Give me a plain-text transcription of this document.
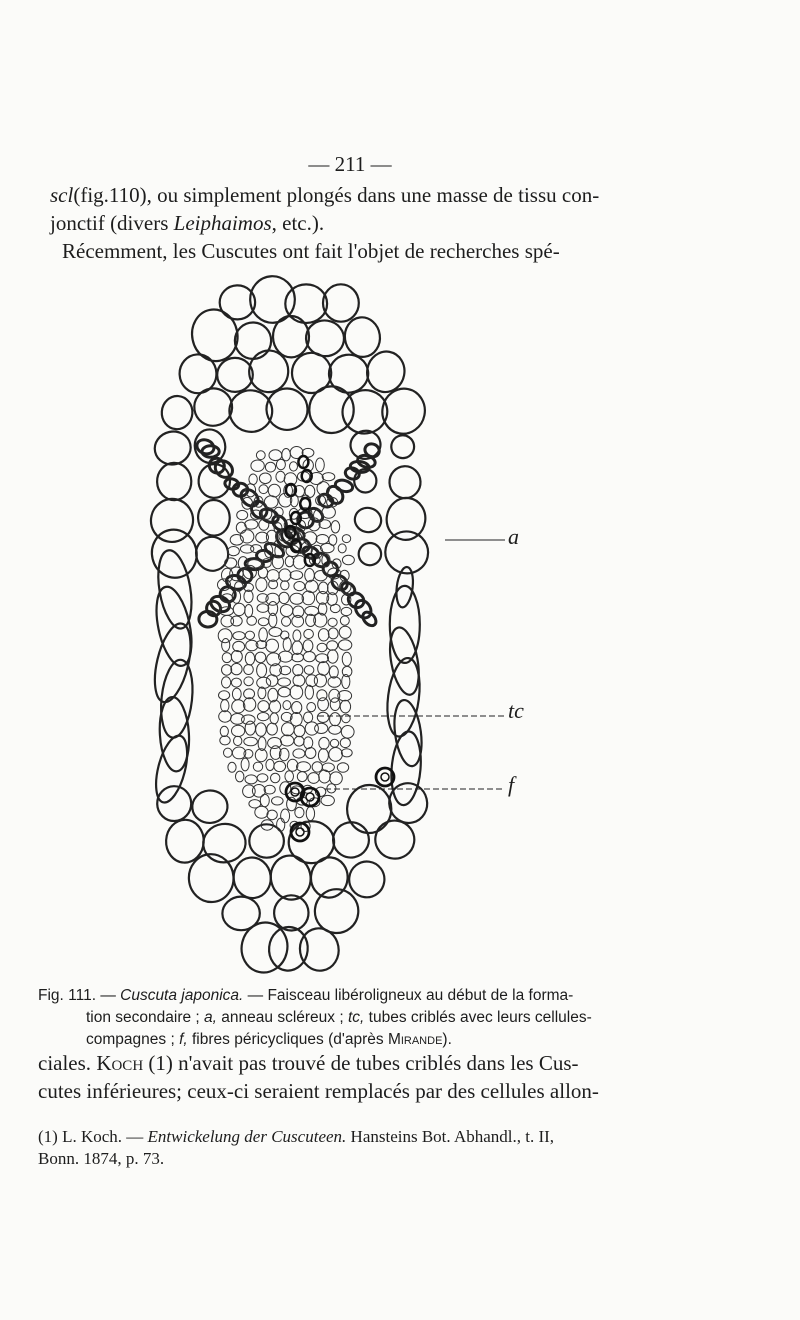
— 211 —
scl(fig.110), ou simplement plongés dans une masse de tissu con-
jonctif (divers Leiphaimos, etc.).
Récemment, les Cuscutes ont fait l'objet de recherches spé-
a
tc
f
Fig. 111. — Cuscuta japonica. — Faisceau libéroligneux au début de la forma-
tion secondaire ; a, anneau scléreux ; tc, tubes criblés avec leurs cellules-
compagnes ; f, fibres péricycliques (d'après Mirande).
ciales. Koch (1) n'avait pas trouvé de tubes criblés dans les Cus-
cutes inférieures; ceux-ci seraient remplacés par des cellules allon-
(1) L. Koch. — Entwickelung der Cuscuteen. Hansteins Bot. Abhandl., t. II,
Bonn. 1874, p. 73.
